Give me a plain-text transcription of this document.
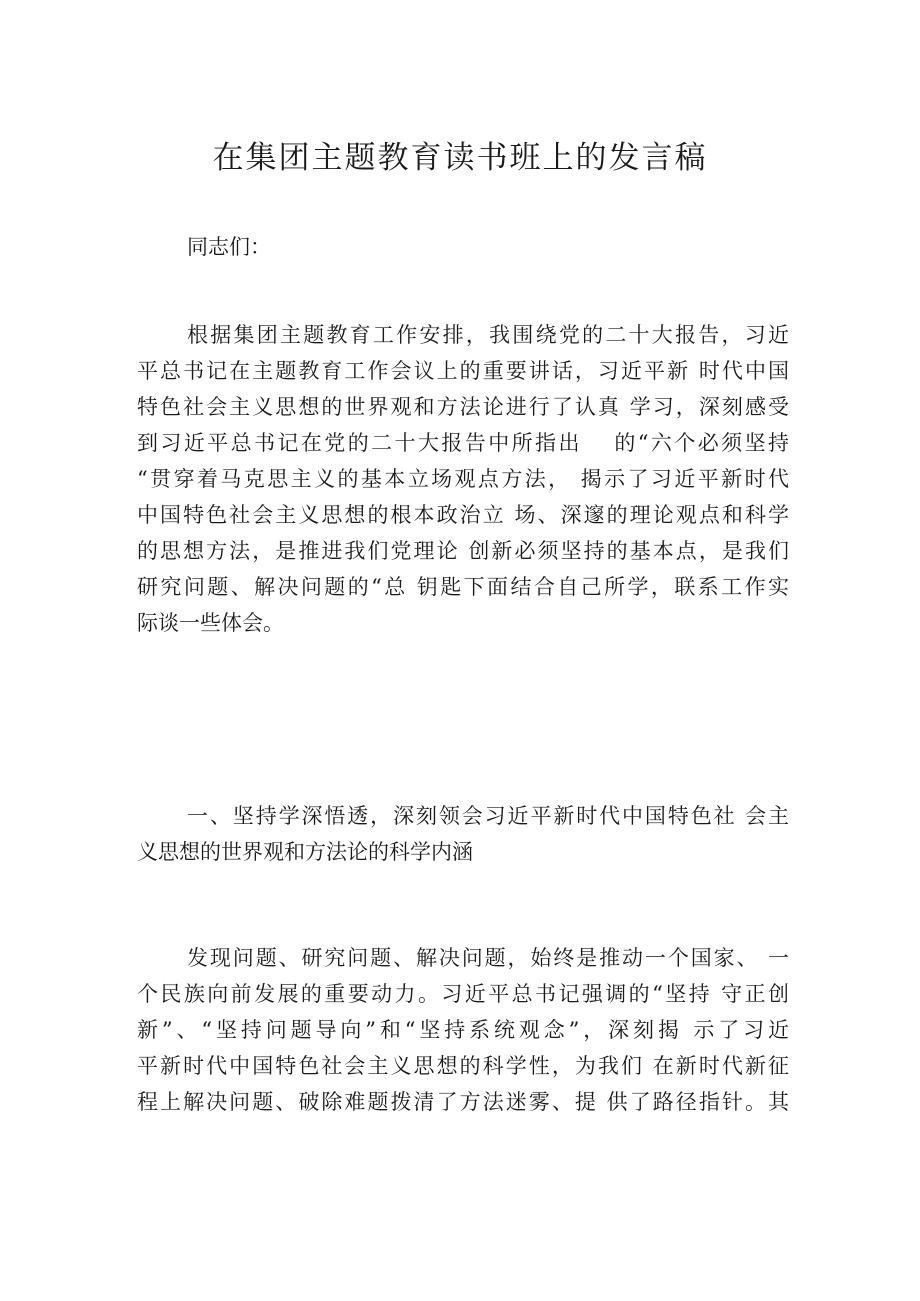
在集团主题教育读书班上的发言稿
同志们：
根据集团主题教育工作安排，我围绕党的二十大报告，习近
平总书记在主题教育工作会议上的重要讲话，习近平新 时代中国
特色社会主义思想的世界观和方法论进行了认真 学习，深刻感受
到习近平总书记在党的二十大报告中所指出　 的“六个必须坚持
“贯穿着马克思主义的基本立场观点方法， 揭示了习近平新时代
中国特色社会主义思想的根本政治立 场、深邃的理论观点和科学
的思想方法，是推进我们党理论 创新必须坚持的基本点，是我们
研究问题、解决问题的“总 钥匙下面结合自己所学，联系工作实
际谈一些体会。
一、坚持学深悟透，深刻领会习近平新时代中国特色社 会主
义思想的世界观和方法论的科学内涵
发现问题、研究问题、解决问题，始终是推动一个国家、 一
个民族向前发展的重要动力。习近平总书记强调的“坚持 守正创
新”、“坚持问题导向”和“坚持系统观念”，深刻揭 示了习近
平新时代中国特色社会主义思想的科学性，为我们 在新时代新征
程上解决问题、破除难题拨清了方法迷雾、提 供了路径指针。其
